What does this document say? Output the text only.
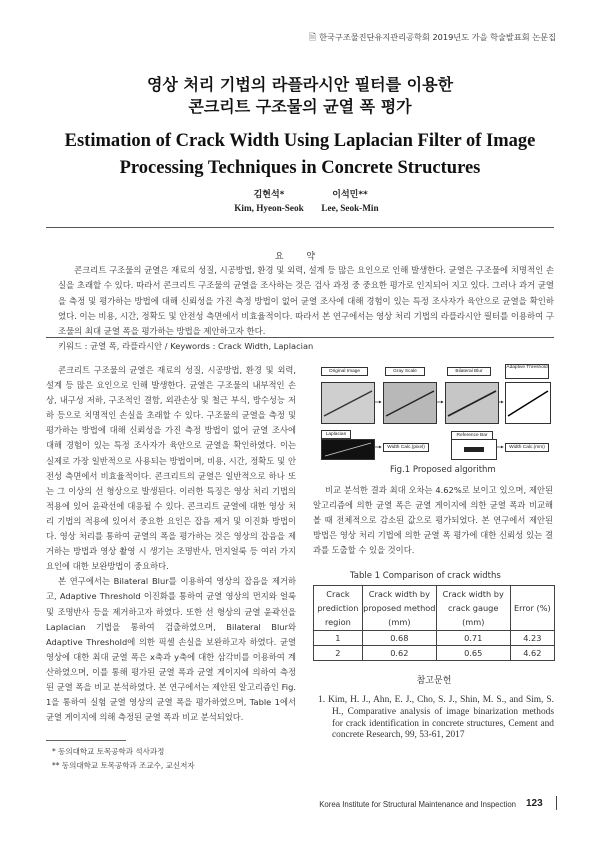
🗎 한국구조물진단유지관리공학회 2019년도 가을 학술발표회 논문집
영상 처리 기법의 라플라시안 필터를 이용한
콘크리트 구조물의 균열 폭 평가
Estimation of Crack Width Using Laplacian Filter of Image
Processing Techniques in Concrete Structures
김현석*
Kim, Hyeon-Seok
이석민**
Lee, Seok-Min
요 약

콘크리트 구조물의 균열은 재료의 성질, 시공방법, 환경 및 외력, 설계 등 많은 요인으로 인해 발생한다. 균열은 구조물에 치명적인 손실을 초래할 수 있다. 따라서 콘크리트 구조물의 균열을 조사하는 것은 검사 과정 중 중요한 평가로 인지되어 지고 있다. 그러나 과거 균열을 측정 및 평가하는 방법에 대해 신뢰성을 가진 측정 방법이 없어 균열 조사에 대해 경험이 있는 특정 조사자가 육안으로 균열을 확인하였다. 이는 비용, 시간, 정확도 및 안전성 측면에서 비효율적이다. 따라서 본 연구에서는 영상 처리 기법의 라플라시안 필터를 이용하여 구조물의 최대 균열 폭을 평가하는 방법을 제안하고자 한다.

키워드 : 균열 폭, 라플라시안 / Keywords : Crack Width, Laplacian

콘크리트 구조물의 균열은 재료의 성질, 시공방법, 환경 및 외력, 설계 등 많은 요인으로 인해 발생한다. 균열은 구조물의 내부적인 손상, 내구성 저하, 구조적인 결함, 외관손상 및 철근 부식, 방수성능 저하 등으로 치명적인 손실을 초래할 수 있다. 구조물의 균열을 측정 및 평가하는 방법에 대해 신뢰성을 가진 측정 방법이 없어 균열 조사에 대해 경험이 있는 특정 조사자가 육안으로 균열을 확인하였다. 이는 실제로 가장 일반적으로 사용되는 방법이며, 비용, 시간, 정확도 및 안전성 측면에서 비효율적이다. 콘크리트의 균열은 일반적으로 하나 또는 그 이상의 선 형상으로 발생된다. 이러한 특징은 영상 처리 기법의 적용에 있어 윤곽선에 대응될 수 있다. 콘크리트 균열에 대한 영상 처리 기법의 적용에 있어서 중요한 요인은 잡음 제거 및 이진화 방법이다. 영상 처리를 통하여 균열의 폭을 평가하는 것은 영상의 잡음을 제거하는 방법과 영상 촬영 시 생기는 조명반사, 먼지얼룩 등 여러 가지 요인에 대한 보완방법이 중요하다.

본 연구에서는 Bilateral Blur를 이용하여 영상의 잡음을 제거하고, Adaptive Threshold 이진화를 통하여 균열 영상의 먼지와 얼룩 및 조명반사 등을 제거하고자 하였다. 또한 선 형상의 균열 윤곽선을 Laplacian 기법을 통하여 검출하였으며, Bilateral Blur와 Adaptive Threshold에 의한 픽셀 손실을 보완하고자 하였다. 균열 영상에 대한 최대 균열 폭은 x축과 y축에 대한 삼각비를 이용하여 계산하였으며, 이를 통해 평가된 균열 폭과 균열 게이지에 의하여 측정된 균열 폭을 비교 분석하였다. 본 연구에서는 제안된 알고리즘인 Fig. 1을 통하여 실험 균열 영상의 균열 폭을 평가하였으며, Table 1에서 균열 게이지에 의해 측정된 균열 폭과 비교 분석되었다.

Original Image	Gray Scale	Bilateral Blur
Adaptive Threshold
Laplacian
Width Calc.(pixel)
Reference Bar
Width Calc.(mm)
Fig.1 Proposed algorithm

비교 분석한 결과 최대 오차는 4.62%로 보이고 있으며, 제안된 알고리즘에 의한 균열 폭은 균열 게이지에 의한 균열 폭과 비교해 볼 때 전체적으로 감소된 값으로 평가되었다. 본 연구에서 제안된 방법은 영상 처리 기법에 의한 균열 폭 평가에 대한 신뢰성 있는 결과를 도출할 수 있을 것이다.

Table 1 Comparison of crack widths
Crack prediction region	Crack width by proposed method (mm)	Crack width by crack gauge (mm)	Error (%)
1	0.68	0.71	4.23
2	0.62	0.65	4.62
참고문헌
1. Kim, H. J., Ahn, E. J., Cho, S. J., Shin, M. S., and Sim, S. H., Comparative analysis of image binarization methods for crack identification in concrete structures, Cement and concrete Research, 99, 53-61, 2017
* 동의대학교 토목공학과 석사과정
** 동의대학교 토목공학과 조교수, 교신저자
Korea Institute for Structural Maintenance and Inspection 123
